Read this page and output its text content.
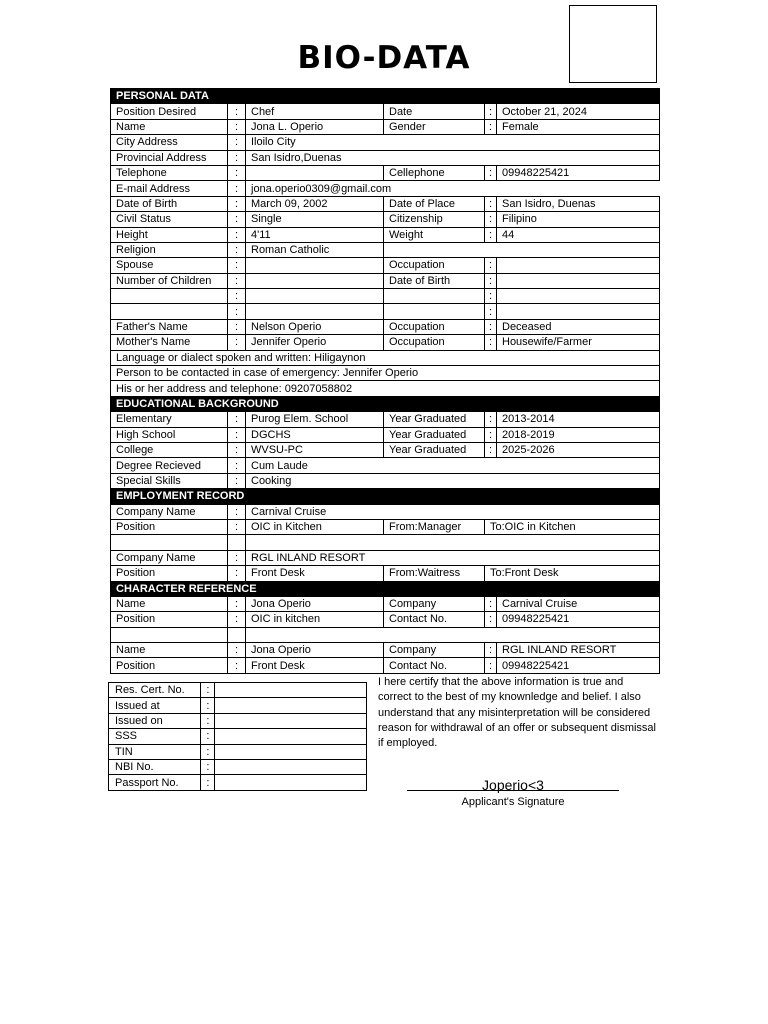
BIO-DATA
PERSONAL DATA					
Position Desired	:	Chef	Date	:	October 21, 2024
Name	:	Jona L. Operio	Gender	:	Female
City Address	:	Iloilo City			
Provincial Address	:	San Isidro,Duenas			
Telephone	:		Cellephone	:	09948225421
E-mail Address	:	jona.operio0309@gmail.com			
Date of Birth	:	March 09, 2002	Date of Place	:	San Isidro, Duenas
Civil Status	:	Single	Citizenship	:	Filipino
Height	:	4'11	Weight	:	44
Religion	:	Roman Catholic			
Spouse	:		Occupation	:	
Number of Children	:		Date of Birth	:	
	:			:	
	:			:	
Father's Name	:	Nelson Operio	Occupation	:	Deceased
Mother's Name	:	Jennifer Operio	Occupation	:	Housewife/Farmer
Language or dialect spoken and written: Hiligaynon					
Person to be contacted in case of emergency: Jennifer Operio					
His or her address and telephone: 09207058802					
EDUCATIONAL BACKGROUND					
Elementary	:	Purog Elem. School	Year Graduated	:	2013-2014
High School	:	DGCHS	Year Graduated	:	2018-2019
College	:	WVSU-PC	Year Graduated	:	2025-2026
Degree Recieved	:	Cum Laude			
Special Skills	:	Cooking			
EMPLOYMENT RECORD					
Company Name	:	Carnival Cruise			
Position	:	OIC in Kitchen	From:Manager	To:OIC in Kitchen	

Company Name	:	RGL INLAND RESORT			
Position	:	Front Desk	From:Waitress	To:Front Desk	
CHARACTER REFERENCE					
Name	:	Jona Operio	Company	:	Carnival Cruise
Position	:	OIC in kitchen	Contact No.	:	09948225421

Name	:	Jona Operio	Company	:	RGL INLAND RESORT
Position	:	Front Desk	Contact No.	:	09948225421
Res. Cert. No.	:	
Issued at	:	
Issued on	:	
SSS	:	
TIN	:	
NBI No.	:	
Passport No.	:	
I here certify that the above information is true and correct to the best of my knownledge and belief. I also understand that any misinterpretation will be considered reason for withdrawal of an offer or subsequent dismissal if employed.
Joperio<3
Applicant's Signature
